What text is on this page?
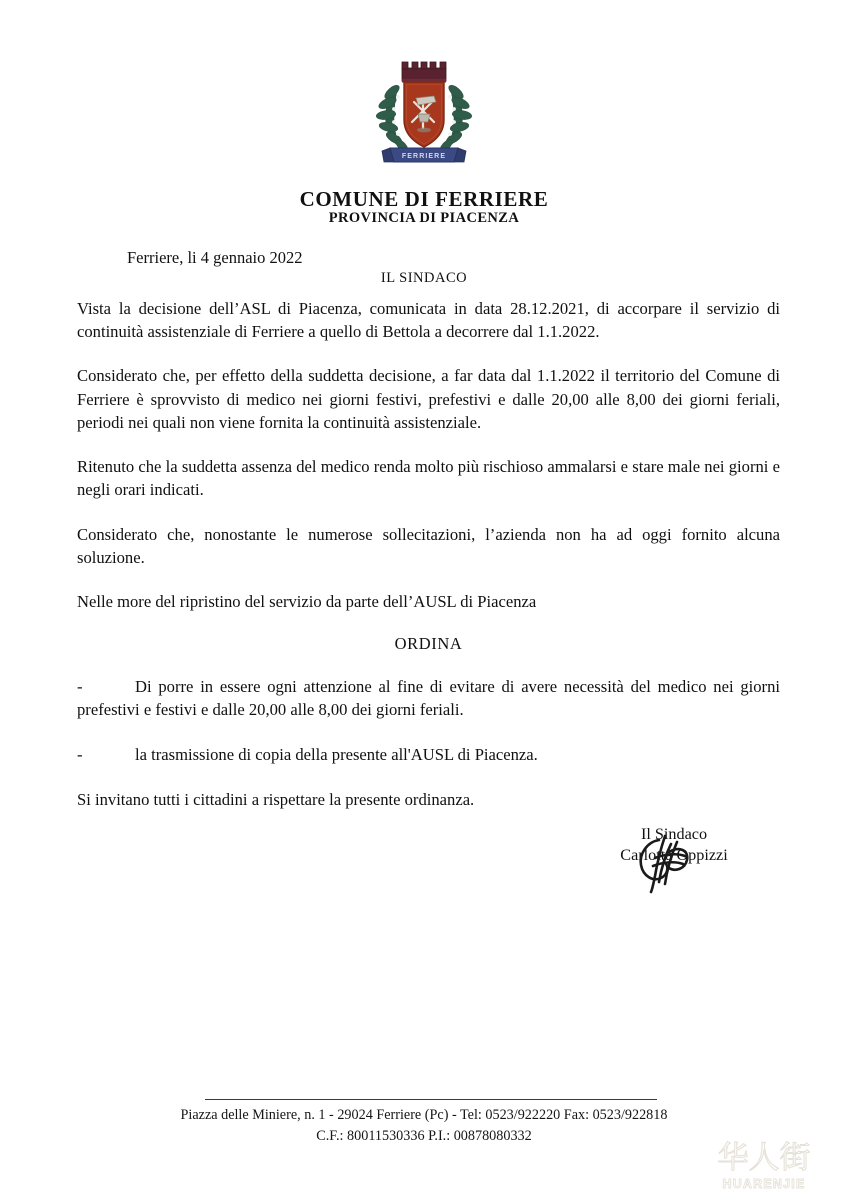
FERRIERE
COMUNE DI FERRIERE
PROVINCIA DI PIACENZA
Ferriere, li 4 gennaio 2022
IL SINDACO

Vista la decisione dell’ASL di Piacenza, comunicata in data 28.12.2021, di accorpare il servizio di continuità assistenziale di Ferriere a quello di Bettola a decorrere dal 1.1.2022.

Considerato che, per effetto della suddetta decisione, a far data dal 1.1.2022 il territorio del Comune di Ferriere è sprovvisto di medico nei giorni festivi, prefestivi e dalle 20,00 alle 8,00 dei giorni feriali, periodi nei quali non viene fornita la continuità assistenziale.

Ritenuto che la suddetta assenza del medico renda molto più rischioso ammalarsi e stare male nei giorni e negli orari indicati.

Considerato che, nonostante le numerose sollecitazioni, l’azienda non ha ad oggi fornito alcuna soluzione.

Nelle more del ripristino del servizio da parte dell’AUSL di Piacenza

ORDINA
-	Di porre in essere ogni attenzione al fine di evitare di avere necessità del medico nei giorni prefestivi e festivi e dalle 20,00 alle 8,00 dei giorni feriali.
-	la trasmissione di copia della presente all'AUSL di Piacenza.

Si invitano tutti i cittadini a rispettare la presente ordinanza.

Il Sindaco
Carlotta Oppizzi
Piazza delle Miniere, n. 1 - 29024 Ferriere (Pc) - Tel: 0523/922220 Fax: 0523/922818
C.F.: 80011530336 P.I.: 00878080332
华人街
HUARENJIE
